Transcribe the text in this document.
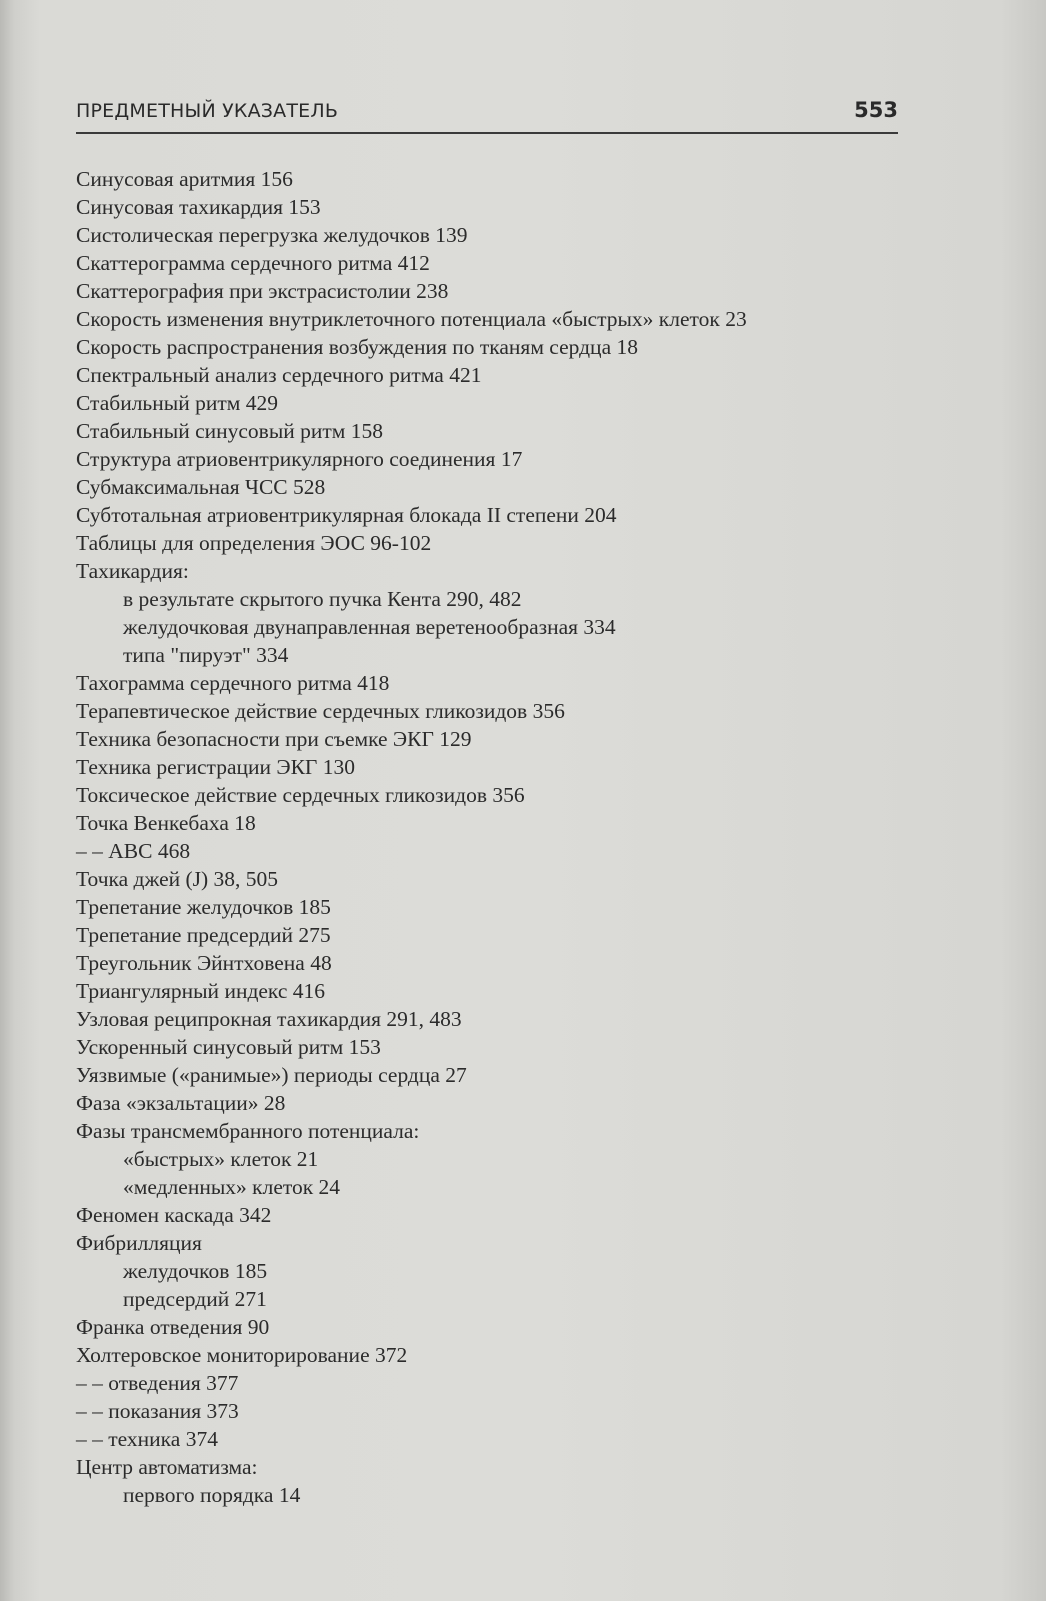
ПРЕДМЕТНЫЙ УКАЗАТЕЛЬ	553
Синусовая аритмия 156
Синусовая тахикардия 153
Систолическая перегрузка желудочков 139
Скаттерограмма сердечного ритма 412
Скаттерография при экстрасистолии 238
Скорость изменения внутриклеточного потенциала «быстрых» клеток 23
Скорость распространения возбуждения по тканям сердца 18
Спектральный анализ сердечного ритма 421
Стабильный ритм 429
Стабильный синусовый ритм 158
Структура атриовентрикулярного соединения 17
Субмаксимальная ЧСС 528
Субтотальная атриовентрикулярная блокада II степени 204
Таблицы для определения ЭОС 96-102
Тахикардия:
в результате скрытого пучка Кента 290, 482
желудочковая двунаправленная веретенообразная 334
типа "пируэт" 334
Тахограмма сердечного ритма 418
Терапевтическое действие сердечных гликозидов 356
Техника безопасности при съемке ЭКГ 129
Техника регистрации ЭКГ 130
Токсическое действие сердечных гликозидов 356
Точка Венкебаха 18
– – АВС 468
Точка джей (J) 38, 505
Трепетание желудочков 185
Трепетание предсердий 275
Треугольник Эйнтховена 48
Триангулярный индекс 416
Узловая реципрокная тахикардия 291, 483
Ускоренный синусовый ритм 153
Уязвимые («ранимые») периоды сердца 27
Фаза «экзальтации» 28
Фазы трансмембранного потенциала:
«быстрых» клеток 21
«медленных» клеток 24
Феномен каскада 342
Фибрилляция
желудочков 185
предсердий 271
Франка отведения 90
Холтеровское мониторирование 372
– – отведения 377
– – показания 373
– – техника 374
Центр автоматизма:
первого порядка 14
